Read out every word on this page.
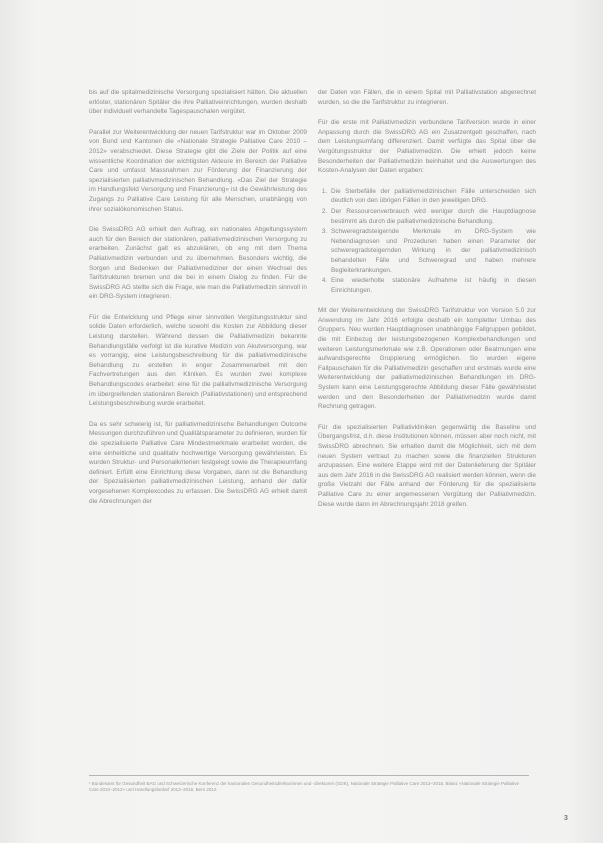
bis auf die spitalmedizinische Versorgung spezialisiert hätten. Die aktuellen erlöster, stationären Spitäler die ihre Palliativeinrichtungen, wurden deshalb über individuell verhandelte Tagespauschalen vergütet.

Parallel zur Weiterentwicklung der neuen Tarifstruktur war im Oktober 2009 von Bund und Kantonen die «Nationale Strategie Palliative Care 2010 – 2012» verabschiedet. Diese Strategie gibt die Ziele der Politik auf eine wissentliche Koordination der wichtigsten Akteure im Bereich der Palliative Care und umfasst Massnahmen zur Förderung der Finanzierung der spezialisierten palliativmedizinischen Behandlung. «Das Ziel der Strategie im Handlungsfeld Versorgung und Finanzierung» ist die Gewährleistung des Zugangs zu Palliative Care Leistung für alle Menschen, unabhängig von ihrer sozialökonomischen Status.

Die SwissDRG AG erhielt den Auftrag, ein nationales Abgeltungssystem auch für den Bereich der stationären, palliativmedizinischen Versorgung zu erarbeiten. Zunächst galt es abzuklären, ob eng mit dem Thema Palliativmedizin verbunden und zu übernehmen. Besonders wichtig, die Sorgen und Bedenken der Palliativmediziner der einen Wechsel des Tarifstrukturen bremen und die bei in einem Dialog zu finden. Für die SwissDRG AG stellte sich die Frage, wie man die Palliativmedizin sinnvoll in ein DRG-System integrieren.

Für die Entwicklung und Pflege einer sinnvollen Vergütungsstruktur sind solide Daten erforderlich, welche sowohl die Kosten zur Abbildung dieser Leistung darstellen. Während dessen die Palliativmedizin bekannte Behandlungsfälle verfolgt ist die kurative Medizin von Akutversorgung, war es vorrangig, eine Leistungsbeschreibung für die palliativmedizinische Behandlung zu erstellen in enger Zusammenarbeit mit den Fachvertretungen aus den Kliniken. Es wurden zwei komplexe Behandlungscodes erarbeitet: eine für die palliativmedizinische Versorgung im übergreifenden stationären Bereich (Palliativstationen) und entsprechend Leistungsbeschreibung wurde erarbeitet.

Da es sehr schwierig ist, für palliativmedizinische Behandlungen Outcome Messungen durchzuführen und Qualitätsparameter zu definieren, wurden für die spezialisierte Palliative Care Mindestmerkmale erarbeitet worden, die eine einheitliche und qualitativ hochwertige Versorgung gewährleisten. Es wurden Struktur- und Personalkriterien festgelegt sowie die Therapieumfang definiert. Erfüllt eine Einrichtung diese Vorgaben, dann ist die Behandlung der Spezialisierten palliativmedizinischen Leistung, anhand der dafür vorgesehenen Komplexcodes zu erfassen. Die SwissDRG AG erhielt damit die Abrechnungen der

der Daten von Fällen, die in einem Spital mit Palliativstation abgerechnet wurden, so die die Tarifstruktur zu integrieren.

Für die erste mit Palliativmedizin verbundene Tarifversion wurde in einer Anpassung durch die SwissDRG AG ein Zusatzentgelt geschaffen, nach dem Leistungsumfang differenziert. Damit verfügte das Spital über die Vergütungsstruktur der Palliativmedizin. Die erhielt jedoch keine Besonderheiten der Palliativmedizin beinhaltet und die Auswertungen des Kosten-Analysen der Daten ergaben:

1. Die Sterbefälle der palliativmedizinischen Fälle unterscheiden sich deutlich von den übrigen Fällen in den jeweiligen DRG.
2. Der Ressourcenverbrauch wird weniger durch die Hauptdiagnose bestimmt als durch die palliativmedizinische Behandlung.
3. Schweregradsteigernde Merkmale im DRG-System wie Nebendiagnosen und Prozeduren haben einen Parameter der schweregradsteigernden Wirkung in der palliativmedizinisch behandelten Fälle und Schweregrad und haben mehrere Begleiterkrankungen.
4. Eine wiederholte stationäre Aufnahme ist häufig in diesen Einrichtungen.

Mit der Weiterentwicklung der SwissDRG Tarifstruktur von Version 5.0 zur Anwendung im Jahr 2016 erfolgte deshalb ein kompletter Umbau des Gruppers. Neu wurden Hauptdiagnosen unabhängige Fallgruppen gebildet, die mit Einbezug der leistungsbezogenen Komplexbehandlungen und weiteren Leistungsmerkmale wie z.B. Operationen oder Beatmungen eine aufwandsgerechte Gruppierung ermöglichen. So wurden eigene Fallpauschalen für die Palliativmedizin geschaffen und erstmals wurde eine Weiterentwicklung der palliativmedizinischen Behandlungen im DRG-System kann eine Leistungsgerechte Abbildung dieser Fälle gewährleistet werden und den Besonderheiten der Palliativmedizin wurde damit Rechnung getragen.

Für die spezialisierten Palliativkliniken gegenwärtig die Baseline und Übergangsfrist, d.h. diese Institutionen können, müssen aber noch nicht, mit SwissDRG abrechnen. Sie erhalten damit die Möglichkeit, sich mit dem neuen System vertraut zu machen sowie die finanziellen Strukturen anzupassen. Eine weitere Etappe wird mit der Datenlieferung der Spitäler aus dem Jahr 2016 in die SwissDRG AG realisiert werden können, wenn die große Vielzahl der Fälle anhand der Förderung für die spezialisierte Palliative Care zu einer angemessenen Vergütung der Palliativmedizin. Diese wurde dann im Abrechnungsjahr 2018 greifen.

¹ Bundesamt für Gesundheit BAG und Schweizerische Konferenz der kantonalen Gesundheitsdirektorinnen und -direktoren (GDK), Nationale Strategie Palliative Care 2013–2015, Bilanz «Nationale Strategie Palliative Care 2010–2012» und Handlungsbedarf 2013–2015, Bern 2012.
3
